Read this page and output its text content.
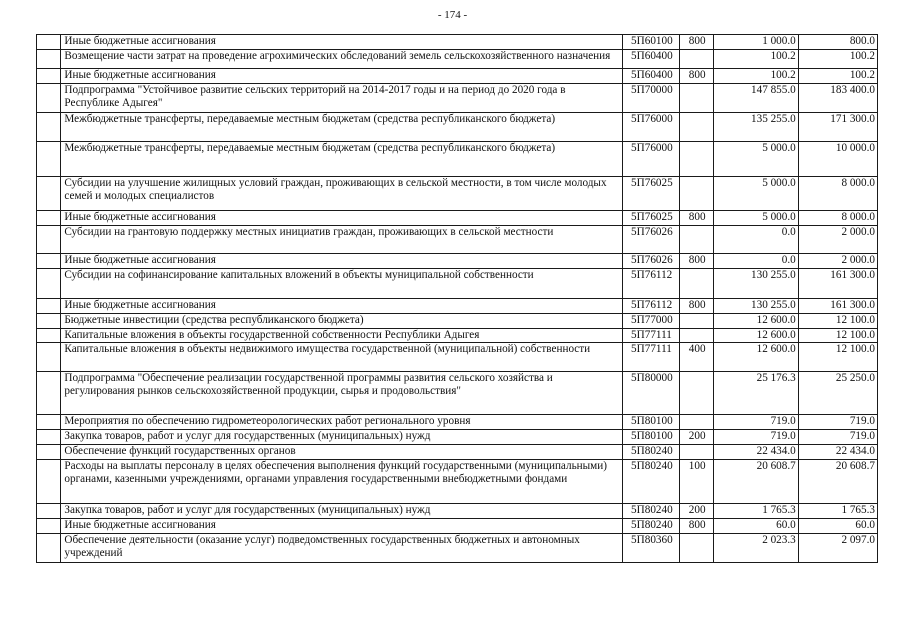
- 174 -
	Иные бюджетные ассигнования	5П60100	800	1 000.0	800.0
	Возмещение части затрат на проведение агрохимических обследований земель сельскохозяйственного назначения	5П60400		100.2	100.2
	Иные бюджетные ассигнования	5П60400	800	100.2	100.2
	Подпрограмма "Устойчивое развитие сельских территорий на 2014-2017 годы и на период до 2020 года в Республике Адыгея"	5П70000		147 855.0	183 400.0
	Межбюджетные трансферты, передаваемые местным бюджетам (средства республиканского бюджета)	5П76000		135 255.0	171 300.0
	Межбюджетные трансферты, передаваемые местным бюджетам (средства республиканского бюджета)	5П76000		5 000.0	10 000.0
	Субсидии на улучшение жилищных условий граждан, проживающих в сельской местности, в том числе молодых семей и молодых специалистов	5П76025		5 000.0	8 000.0
	Иные бюджетные ассигнования	5П76025	800	5 000.0	8 000.0
	Субсидии на грантовую поддержку местных инициатив граждан, проживающих в сельской местности	5П76026		0.0	2 000.0
	Иные бюджетные ассигнования	5П76026	800	0.0	2 000.0
	Субсидии на софинансирование капитальных вложений в объекты муниципальной собственности	5П76112		130 255.0	161 300.0
	Иные бюджетные ассигнования	5П76112	800	130 255.0	161 300.0
	Бюджетные инвестиции (средства республиканского бюджета)	5П77000		12 600.0	12 100.0
	Капитальные вложения в объекты государственной собственности Республики Адыгея	5П77111		12 600.0	12 100.0
	Капитальные вложения в объекты недвижимого имущества государственной (муниципальной) собственности	5П77111	400	12 600.0	12 100.0
	Подпрограмма "Обеспечение реализации государственной программы развития сельского хозяйства и регулирования рынков сельскохозяйственной продукции, сырья и продовольствия"	5П80000		25 176.3	25 250.0
	Мероприятия по обеспечению гидрометеорологических работ регионального уровня	5П80100		719.0	719.0
	Закупка товаров, работ и услуг для государственных (муниципальных) нужд	5П80100	200	719.0	719.0
	Обеспечение функций государственных органов	5П80240		22 434.0	22 434.0
	Расходы на выплаты персоналу в целях обеспечения выполнения функций государственными (муниципальными) органами, казенными учреждениями, органами управления государственными внебюджетными фондами	5П80240	100	20 608.7	20 608.7
	Закупка товаров, работ и услуг для государственных (муниципальных) нужд	5П80240	200	1 765.3	1 765.3
	Иные бюджетные ассигнования	5П80240	800	60.0	60.0
	Обеспечение деятельности (оказание услуг) подведомственных государственных бюджетных и автономных учреждений	5П80360		2 023.3	2 097.0
